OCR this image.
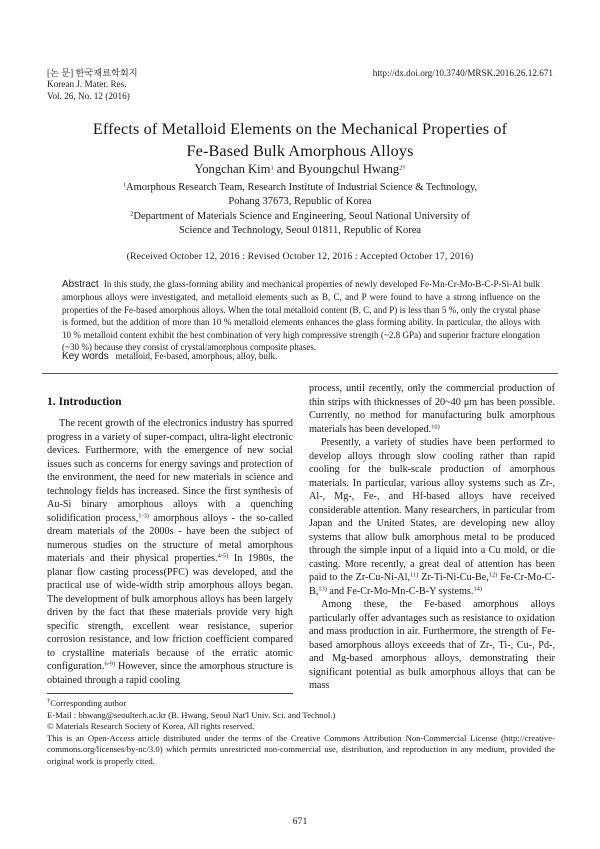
[논 문] 한국재료학회지
Korean J. Mater. Res.
Vol. 26, No. 12 (2016)
http://dx.doi.org/10.3740/MRSK.2016.26.12.671
Effects of Metalloid Elements on the Mechanical Properties of
Fe-Based Bulk Amorphous Alloys
Yongchan Kim$^1$ and Byoungchul Hwang$^{2\dagger}$
$^1$Amorphous Research Team, Research Institute of Industrial Science & Technology,
Pohang 37673, Republic of Korea
$^2$Department of Materials Science and Engineering, Seoul National University of
Science and Technology, Seoul 01811, Republic of Korea
(Received October 12, 2016 : Revised October 12, 2016 : Accepted October 17, 2016)
Abstract In this study, the glass-forming ability and mechanical properties of newly developed Fe-Mn-Cr-Mo-B-C-P-Si-Al bulk amorphous alloys were investigated, and metalloid elements such as B, C, and P were found to have a strong influence on the properties of the Fe-based amorphous alloys. When the total metalloid content (B, C, and P) is less than 5 %, only the crystal phase is formed, but the addition of more than 10 % metalloid elements enhances the glass forming ability. In particular, the alloys with 10 % metalloid content exhibit the best combination of very high compressive strength (~2.8 GPa) and superior fracture elongation (~30 %) because they consist of crystal/amorphous composite phases.
Key words metalloid, Fe-based, amorphous, alloy, bulk.
1. Introduction

The recent growth of the electronics industry has spurred progress in a variety of super-compact, ultra-light electronic devices. Furthermore, with the emergence of new social issues such as concerns for energy savings and protection of the environment, the need for new materials in science and technology fields has increased. Since the first synthesis of Au-Si binary amorphous alloys with a quenching solidification process,$^{1-3)}$ amorphous alloys - the so-called dream materials of the 2000s - have been the subject of numerous studies on the structure of metal amorphous materials and their physical properties.$^{4-5)}$ In 1980s, the planar flow casting process(PFC) was developed, and the practical use of wide-width strip amorphous alloys began. The development of bulk amorphous alloys has been largely driven by the fact that these materials provide very high specific strength, excellent wear resistance, superior corrosion resistance, and low friction coefficient compared to crystalline materials because of the erratic atomic configuration.$^{6-9)}$ However, since the amorphous structure is obtained through a rapid cooling

process, until recently, only the commercial production of thin strips with thicknesses of 20~40 μm has been possible. Currently, no method for manufacturing bulk amorphous materials has been developed.$^{10)}$

Presently, a variety of studies have been performed to develop alloys through slow cooling rather than rapid cooling for the bulk-scale production of amorphous materials. In particular, various alloy systems such as Zr-, Al-, Mg-, Fe-, and Hf-based alloys have received considerable attention. Many researchers, in particular from Japan and the United States, are developing new alloy systems that allow bulk amorphous metal to be produced through the simple input of a liquid into a Cu mold, or die casting. More recently, a great deal of attention has been paid to the Zr-Cu-Ni-Al,$^{11)}$ Zr-Ti-Ni-Cu-Be,$^{12)}$ Fe-Cr-Mo-C-B,$^{13)}$ and Fe-Cr-Mo-Mn-C-B-Y systems.$^{14)}$

Among these, the Fe-based amorphous alloys particularly offer advantages such as resistance to oxidation and mass production in air. Furthermore, the strength of Fe-based amorphous alloys exceeds that of Zr-, Ti-, Cu-, Pd-, and Mg-based amorphous alloys, demonstrating their significant potential as bulk amorphous alloys that can be mass

†Corresponding author
E-Mail : bhwang@seoultech.ac.kr (B. Hwang, Seoul Nat'l Univ. Sci. and Technol.)
© Materials Research Society of Korea, All rights reserved.
This is an Open-Access article distributed under the terms of the Creative Commons Attribution Non-Commercial License (http://creative-commons.org/licenses/by-nc/3.0) which permits unrestricted non-commercial use, distribution, and reproduction in any medium, provided the original work is properly cited.
671
